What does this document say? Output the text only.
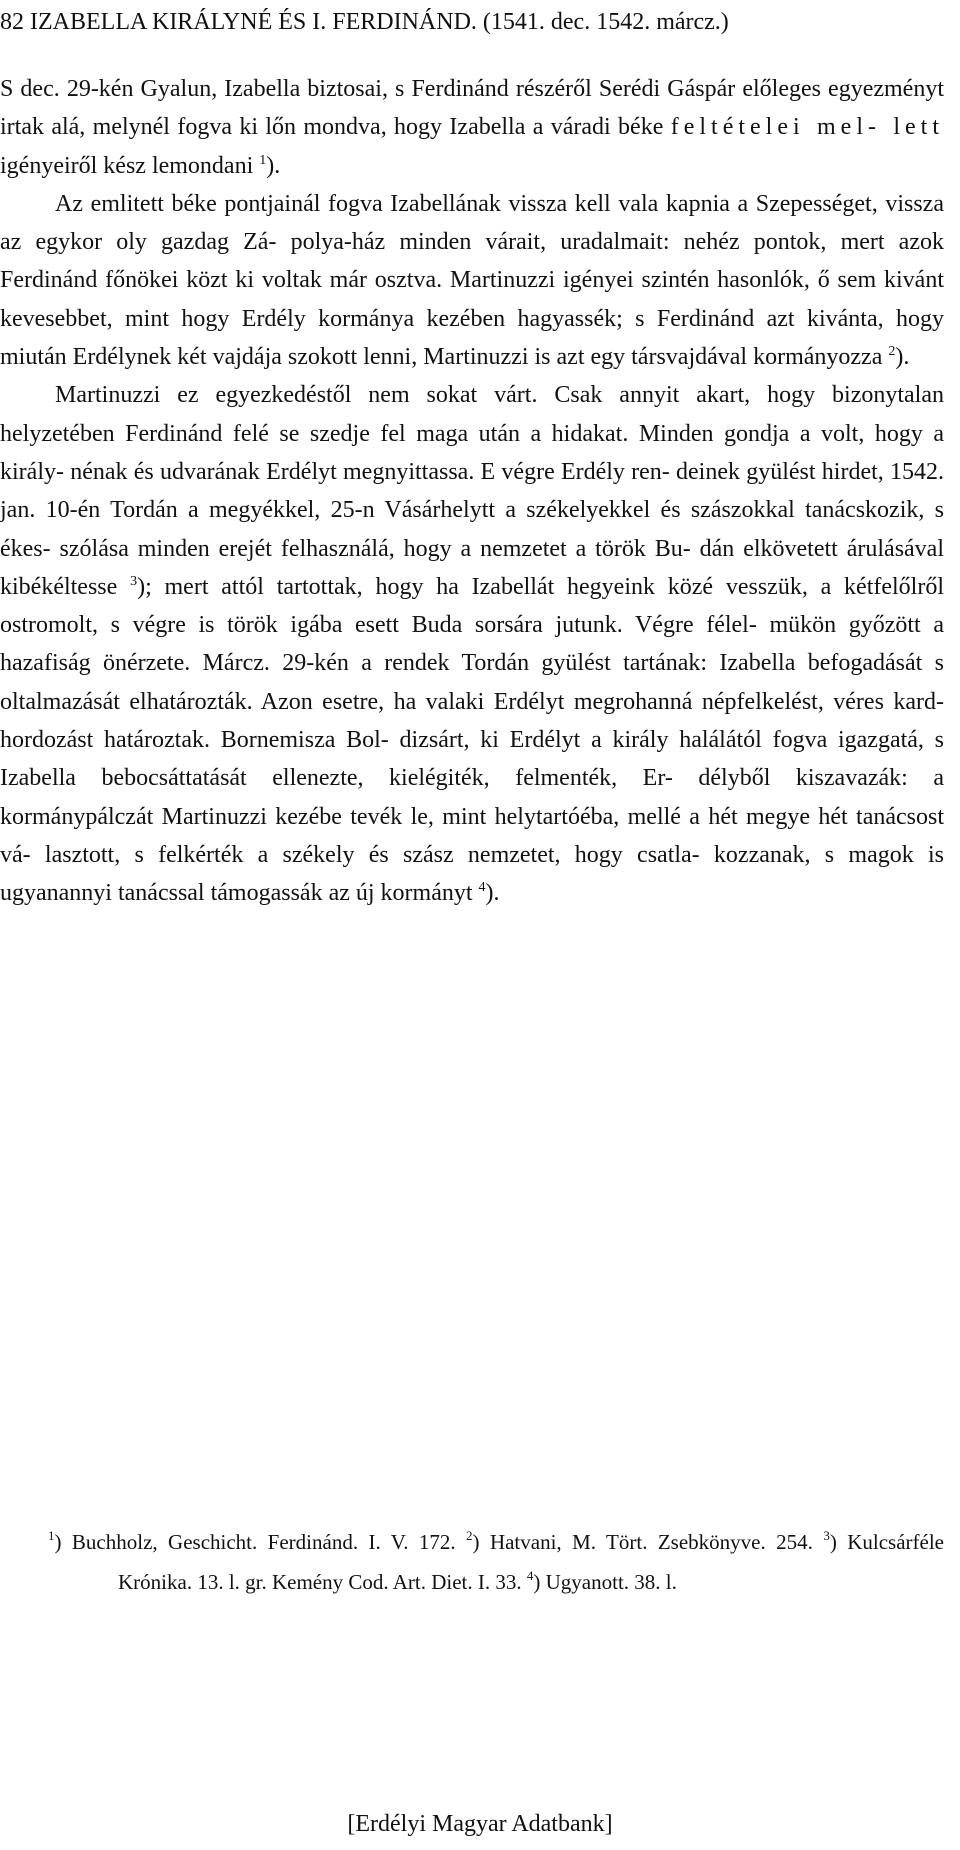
82 IZABELLA KIRÁLYNÉ ÉS I. FERDINÁND. (1541. dec. 1542. márcz.)

S dec. 29-kén Gyalun, Izabella biztosai, s Ferdinánd részéről Serédi Gáspár előleges egyezményt irtak alá, melynél fogva ki lőn mondva, hogy Izabella a váradi béke feltételei mel- lett igényeiről kész lemondani $^1$).

Az emlitett béke pontjainál fogva Izabellának vissza kell vala kapnia a Szepességet, vissza az egykor oly gazdag Zá- polya-ház minden várait, uradalmait: nehéz pontok, mert azok Ferdinánd főnökei közt ki voltak már osztva. Martinuzzi igényei szintén hasonlók, ő sem kivánt kevesebbet, mint hogy Erdély kormánya kezében hagyassék; s Ferdinánd azt kivánta, hogy miután Erdélynek két vajdája szokott lenni, Martinuzzi is azt egy társvajdával kormányozza $^2$).

Martinuzzi ez egyezkedéstől nem sokat várt. Csak annyit akart, hogy bizonytalan helyzetében Ferdinánd felé se szedje fel maga után a hidakat. Minden gondja a volt, hogy a király- nénak és udvarának Erdélyt megnyittassa. E végre Erdély ren- deinek gyülést hirdet, 1542. jan. 10-én Tordán a megyékkel, 25-n Vásárhelytt a székelyekkel és szászokkal tanácskozik, s ékes- szólása minden erejét felhasználá, hogy a nemzetet a török Bu- dán elkövetett árulásával kibékéltesse $^3$); mert attól tartottak, hogy ha Izabellát hegyeink közé vesszük, a kétfelőlről ostromolt, s végre is török igába esett Buda sorsára jutunk. Végre félel- mükön győzött a hazafiság önérzete. Márcz. 29-kén a rendek Tordán gyülést tartának: Izabella befogadását s oltalmazását elhatározták. Azon esetre, ha valaki Erdélyt megrohanná népfelkelést, véres kard-hordozást határoztak. Bornemisza Bol- dizsárt, ki Erdélyt a király halálától fogva igazgatá, s Izabella bebocsáttatását ellenezte, kielégiték, felmenték, Er- délyből kiszavazák: a kormánypálczát Martinuzzi kezébe tevék le, mint helytartóéba, mellé a hét megye hét tanácsost vá- lasztott, s felkérték a székely és szász nemzetet, hogy csatla- kozzanak, s magok is ugyanannyi tanácssal támogassák az új kormányt $^4$).

$^1$) Buchholz, Geschicht. Ferdinánd. I. V. 172. $^2$) Hatvani, M. Tört. Zsebkönyve. 254. $^3$) Kulcsárféle Krónika. 13. l. gr. Kemény Cod. Art. Diet. I. 33. $^4$) Ugyanott. 38. l.

[Erdélyi Magyar Adatbank]
